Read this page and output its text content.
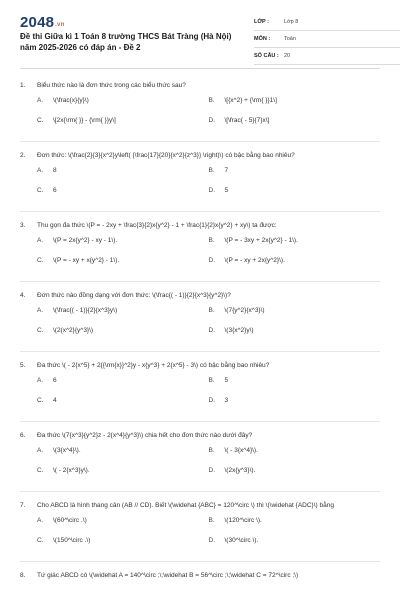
2048.vn
Đề thi Giữa kì 1 Toán 8 trường THCS Bát Tràng (Hà Nội) năm 2025-2026 có đáp án - Đề 2
LỚP :	Lớp 8
MÔN :	Toán
SỐ CÂU : 20
1. Biểu thức nào là đơn thức trong các biểu thức sau?
A.	\(\frac{x}{y}\)	B.	\[{x^2} + {\rm{ }}1\]
C.	\[2x{\rm{ }} - {\rm{ }}y\]	D.	\[\frac{ - 5}{7}x\]
2. Đơn thức: \(\frac{2}{3}{x^2}y\left( {\frac{17}{20}{x^2}{z^3}} \right)\) có bậc bằng bao nhiêu?
A.	8	B.	7
C.	6	D.	5
3. Thu gọn đa thức \(P = - 2xy + \frac{3}{2}x{y^2} - 1 + \frac{1}{2}x{y^2} + xy\) ta được:
A.	\(P = 2x{y^2} - xy - 1\).	B.	\(P = - 3xy + 2x{y^2} - 1\).
C.	\(P = - xy + x{y^2} - 1\).	D.	\(P = - xy + 2x{y^2}\).
4. Đơn thức nào đồng dạng với đơn thức: \(\frac{( - 1)}{2}{x^3}{y^2}\)?
A.	\(\frac{( - 1)}{2}{x^3}y\)	B.	\(7{y^2}{x^3}\)
C.	\(2{x^2}{y^3}\)	D.	\(3{x^2}y\)
5. Đa thức \( - 2{x^5} + 2{{\rm{x}}^2}y - x{y^3} + 2{x^5} - 3\) có bậc bằng bao nhiêu?
A.	6	B.	5
C.	4	D.	3
6. Đa thức \(7{x^3}{y^2}z - 2{x^4}{y^3}\) chia hết cho đơn thức nào dưới đây?
A.	\(3{x^4}\).	B.	\( - 3{x^4}\).
C.	\( - 2{x^3}y\).	D.	\(2x{y^3}\).
7. Cho ABCD là hình thang cân (AB // CD). Biết \(\widehat {ABC} = 120^\circ \) thì \(\widehat {ADC}\) bằng
A.	\(60^\circ .\)	B.	\(120^\circ \).
C.	\(150^\circ .\)	D.	\(30^\circ \).
8. Tứ giác ABCD có \(\widehat A = 140^\circ ;\;\widehat B = 56^\circ ;\;\widehat C = 72^\circ ;\)
